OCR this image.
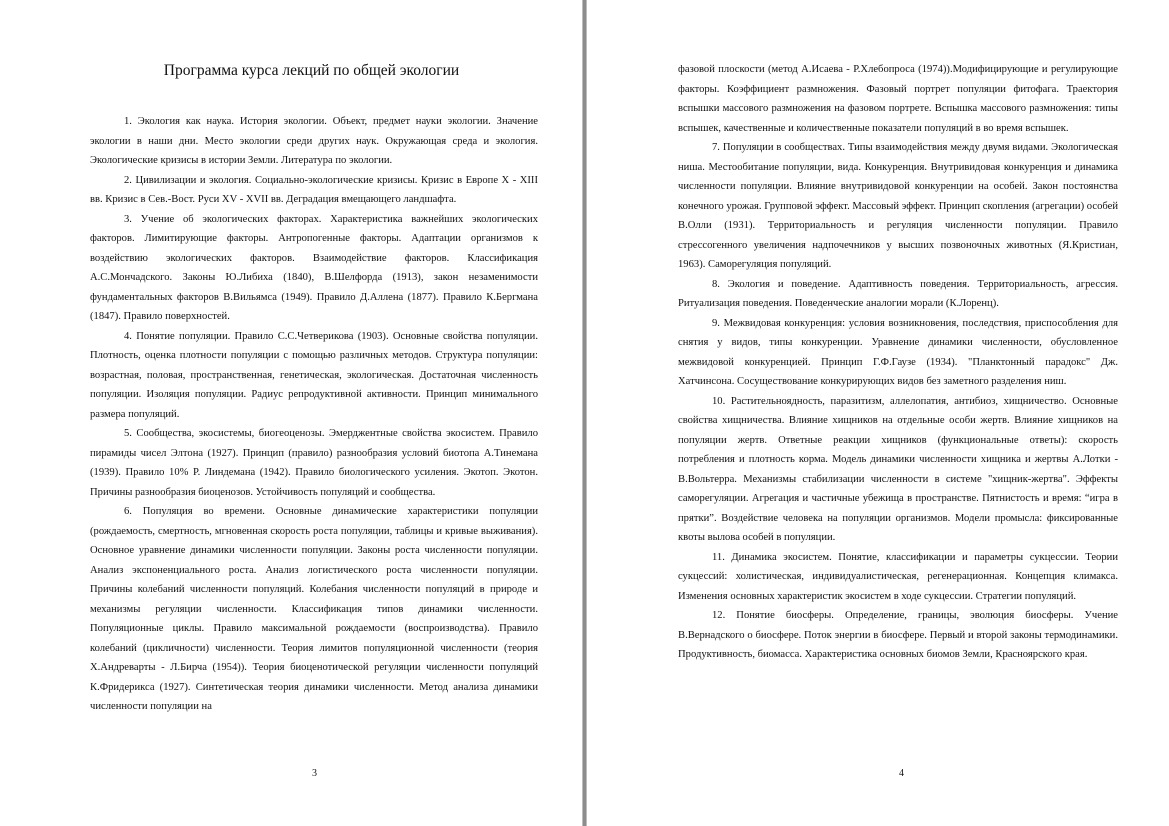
Программа курса лекций по общей экологии

1. Экология как наука. История экологии. Объект, предмет науки экологии. Значение экологии в наши дни. Место экологии среди других наук. Окружающая среда и экология. Экологические кризисы в истории Земли. Литература по экологии.

2. Цивилизации и экология. Социально-экологические кризисы. Кризис в Европе X - XIII вв. Кризис в Сев.-Вост. Руси XV - XVII вв. Деградация вмещающего ландшафта.

3. Учение об экологических факторах. Характеристика важнейших экологических факторов. Лимитирующие факторы. Антропогенные факторы. Адаптации организмов к воздействию экологических факторов. Взаимодействие факторов. Классификация А.С.Мончадского. Законы Ю.Либиха (1840), В.Шелфорда (1913), закон незаменимости фундаментальных факторов В.Вильямса (1949). Правило Д.Аллена (1877). Правило К.Бергмана (1847). Правило поверхностей.

4. Понятие популяции. Правило С.С.Четверикова (1903). Основные свойства популяции. Плотность, оценка плотности популяции с помощью различных методов. Структура популяции: возрастная, половая, пространственная, генетическая, экологическая. Достаточная численность популяции. Изоляция популяции. Радиус репродуктивной активности. Принцип минимального размера популяций.

5. Сообщества, экосистемы, биогеоценозы. Эмерджентные свойства экосистем. Правило пирамиды чисел Элтона (1927). Принцип (правило) разнообразия условий биотопа А.Тинемана (1939). Правило 10% Р. Линдемана (1942). Правило биологического усиления. Экотоп. Экотон. Причины разнообразия биоценозов. Устойчивость популяций и сообщества.

6. Популяция во времени. Основные динамические характеристики популяции (рождаемость, смертность, мгновенная скорость роста популяции, таблицы и кривые выживания). Основное уравнение динамики численности популяции. Законы роста численности популяции. Анализ экспоненциального роста. Анализ логистического роста численности популяции. Причины колебаний численности популяций. Колебания численности популяций в природе и механизмы регуляции численности. Классификация типов динамики численности. Популяционные циклы. Правило максимальной рождаемости (воспроизводства). Правило колебаний (цикличности) численности. Теория лимитов популяционной численности (теория Х.Андреварты - Л.Бирча (1954)). Теория биоценотической регуляции численности популяций К.Фридерикса (1927). Синтетическая теория динамики численности. Метод анализа динамики численности популяции на

3

фазовой плоскости (метод А.Исаева - Р.Хлебопроса (1974)).Модифицирующие и регулирующие факторы. Коэффициент размножения. Фазовый портрет популяции фитофага. Траектория вспышки массового размножения на фазовом портрете. Вспышка массового размножения: типы вспышек, качественные и количественные показатели популяций в во время вспышек.

7. Популяции в сообществах. Типы взаимодействия между двумя видами. Экологическая ниша. Местообитание популяции, вида. Конкуренция. Внутривидовая конкуренция и динамика численности популяции. Влияние внутривидовой конкуренции на особей. Закон постоянства конечного урожая. Групповой эффект. Массовый эффект. Принцип скопления (агрегации) особей В.Олли (1931). Территориальность и регуляция численности популяции. Правило стрессогенного увеличения надпочечников у высших позвоночных животных (Я.Кристиан, 1963). Саморегуляция популяций.

8. Экология и поведение. Адаптивность поведения. Территориальность, агрессия. Ритуализация поведения. Поведенческие аналогии морали (К.Лоренц).

9. Межвидовая конкуренция: условия возникновения, последствия, приспособления для снятия у видов, типы конкуренции. Уравнение динамики численности, обусловленное межвидовой конкуренцией. Принцип Г.Ф.Гаузе (1934). "Планктонный парадокс" Дж. Хатчинсона. Сосуществование конкурирующих видов без заметного разделения ниш.

10. Растительноядность, паразитизм, аллелопатия, антибиоз, хищничество. Основные свойства хищничества. Влияние хищников на отдельные особи жертв. Влияние хищников на популяции жертв. Ответные реакции хищников (функциональные ответы): скорость потребления и плотность корма. Модель динамики численности хищника и жертвы А.Лотки - В.Вольтерра. Механизмы стабилизации численности в системе "хищник-жертва". Эффекты саморегуляции. Агрегация и частичные убежища в пространстве. Пятнистость и время: “игра в прятки”. Воздействие человека на популяции организмов. Модели промысла: фиксированные квоты вылова особей в популяции.

11. Динамика экосистем. Понятие, классификации и параметры сукцессии. Теории сукцессий: холистическая, индивидуалистическая, регенерационная. Концепция климакса. Изменения основных характеристик экосистем в ходе сукцессии. Стратегии популяций.

12. Понятие биосферы. Определение, границы, эволюция биосферы. Учение В.Вернадского о биосфере. Поток энергии в биосфере. Первый и второй законы термодинамики. Продуктивность, биомасса. Характеристика основных биомов Земли, Красноярского края.

4
